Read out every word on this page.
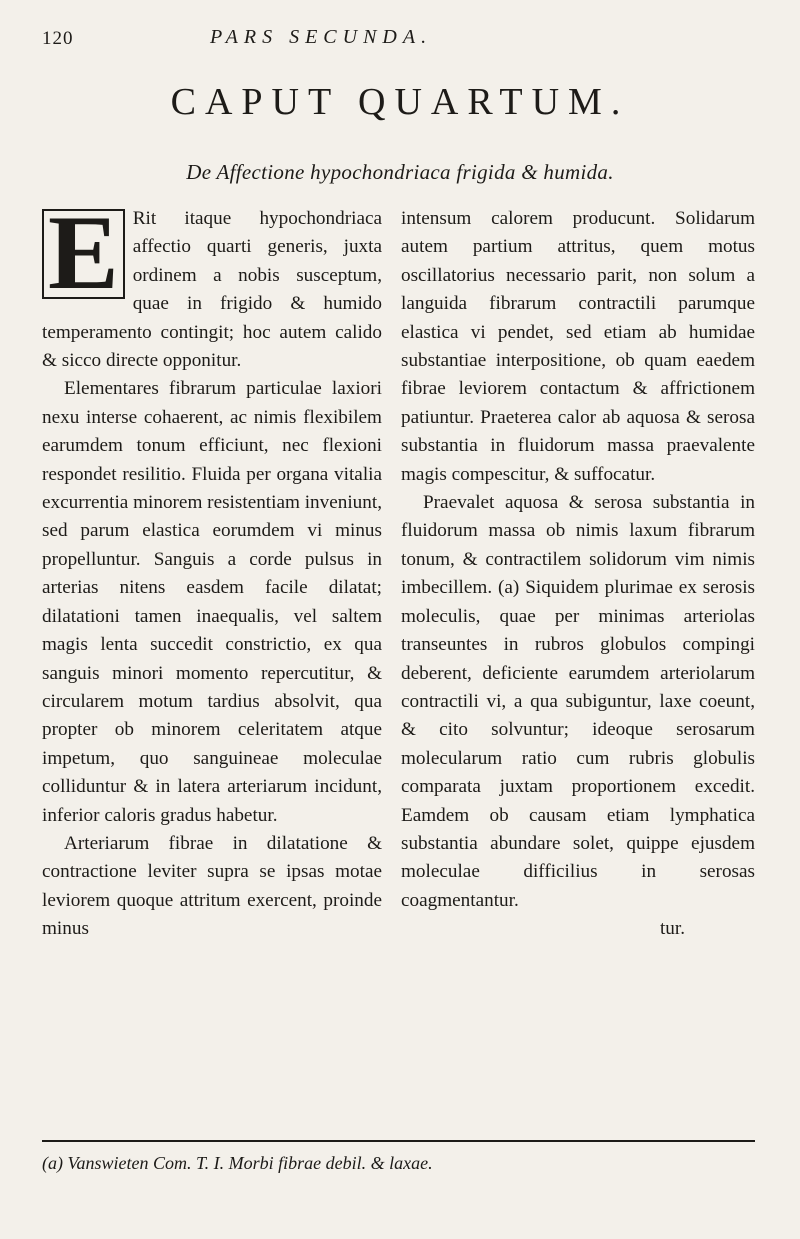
120	PARS SECUNDA.
CAPUT QUARTUM.
De Affectione hypochondriaca frigida & humida.

E Rit itaque hypochondriaca affectio quarti generis, juxta ordinem a nobis susceptum, quae in frigido & humido temperamento contingit; hoc autem calido & sicco directe opponitur.

Elementares fibrarum particulae laxiori nexu interse cohaerent, ac nimis flexibilem earumdem tonum efficiunt, nec flexioni respondet resilitio. Fluida per organa vitalia excurrentia minorem resistentiam inveniunt, sed parum elastica eorumdem vi minus propelluntur. Sanguis a corde pulsus in arterias nitens easdem facile dilatat; dilatationi tamen inaequalis, vel saltem magis lenta succedit constrictio, ex qua sanguis minori momento repercutitur, & circularem motum tardius absolvit, qua propter ob minorem celeritatem atque impetum, quo sanguineae moleculae colliduntur & in latera arteriarum incidunt, inferior caloris gradus habetur.

Arteriarum fibrae in dilatatione & contractione leviter supra se ipsas motae leviorem quoque attritum exercent, proinde minus

intensum calorem producunt. Solidarum autem partium attritus, quem motus oscillatorius necessario parit, non solum a languida fibrarum contractili parumque elastica vi pendet, sed etiam ab humidae substantiae interpositione, ob quam eaedem fibrae leviorem contactum & affrictionem patiuntur. Praeterea calor ab aquosa & serosa substantia in fluidorum massa praevalente magis compescitur, & suffocatur.

Praevalet aquosa & serosa substantia in fluidorum massa ob nimis laxum fibrarum tonum, & contractilem solidorum vim nimis imbecillem. (a) Siquidem plurimae ex serosis moleculis, quae per minimas arteriolas transeuntes in rubros globulos compingi deberent, deficiente earumdem arteriolarum contractili vi, a qua subiguntur, laxe coeunt, & cito solvuntur; ideoque serosarum molecularum ratio cum rubris globulis comparata juxtam proportionem excedit. Eamdem ob causam etiam lymphatica substantia abundare solet, quippe ejusdem moleculae difficilius in serosas coagmentantur.

tur.

(a) Vanswieten Com. T. I. Morbi fibrae debil. & laxae.
